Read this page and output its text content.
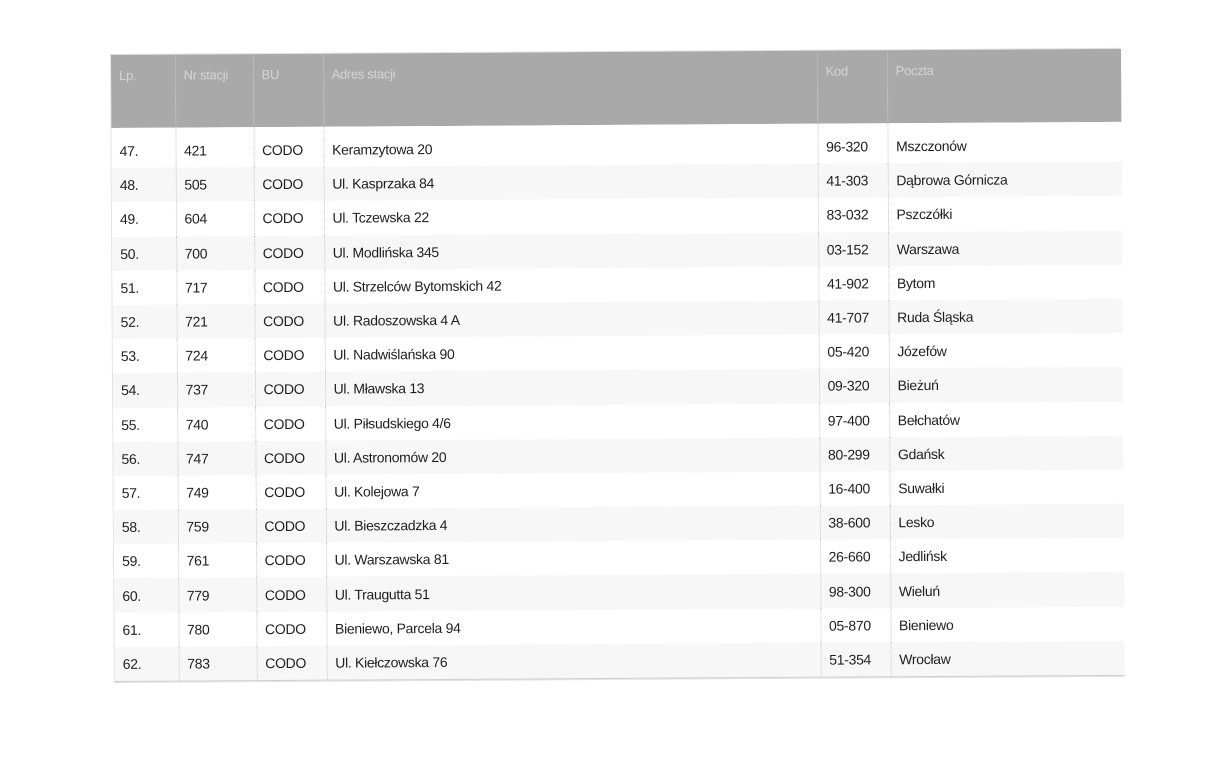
Lp.	Nr stacji	BU	Adres stacji	Kod	Poczta
47.	421	CODO	Keramzytowa 20	96-320	Mszczonów
48.	505	CODO	Ul. Kasprzaka 84	41-303	Dąbrowa Górnicza
49.	604	CODO	Ul. Tczewska 22	83-032	Pszczółki
50.	700	CODO	Ul. Modlińska 345	03-152	Warszawa
51.	717	CODO	Ul. Strzelców Bytomskich 42	41-902	Bytom
52.	721	CODO	Ul. Radoszowska 4 A	41-707	Ruda Śląska
53.	724	CODO	Ul. Nadwiślańska 90	05-420	Józefów
54.	737	CODO	Ul. Mławska 13	09-320	Bieżuń
55.	740	CODO	Ul. Piłsudskiego 4/6	97-400	Bełchatów
56.	747	CODO	Ul. Astronomów 20	80-299	Gdańsk
57.	749	CODO	Ul. Kolejowa 7	16-400	Suwałki
58.	759	CODO	Ul. Bieszczadzka 4	38-600	Lesko
59.	761	CODO	Ul. Warszawska 81	26-660	Jedlińsk
60.	779	CODO	Ul. Traugutta 51	98-300	Wieluń
61.	780	CODO	Bieniewo, Parcela 94	05-870	Bieniewo
62.	783	CODO	Ul. Kiełczowska 76	51-354	Wrocław
